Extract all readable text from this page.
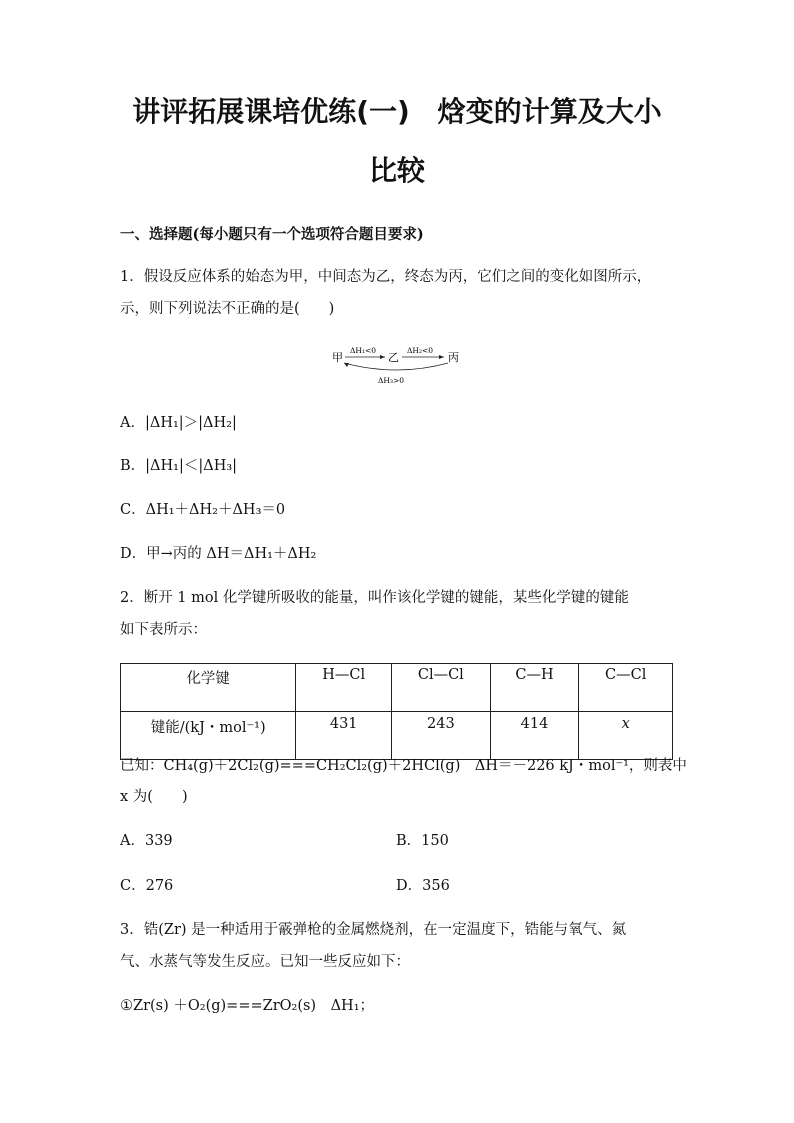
讲评拓展课培优练(一)　焓变的计算及大小
比较
一、选择题(每小题只有一个选项符合题目要求)
1．假设反应体系的始态为甲，中间态为乙，终态为丙，它们之间的变化如图所示，
示，则下列说法不正确的是(　　)
甲	乙	丙
ΔH₁<0	ΔH₂<0
ΔH₃>0
A．|ΔH₁|＞|ΔH₂|
B．|ΔH₁|＜|ΔH₃|
C．ΔH₁＋ΔH₂＋ΔH₃＝0
D．甲→丙的 ΔH＝ΔH₁＋ΔH₂
2．断开 1 mol 化学键所吸收的能量，叫作该化学键的键能，某些化学键的键能
如下表所示：
化学键	H—Cl	Cl—Cl	C—H	C—Cl
键能/(kJ・mol⁻¹)	431	243	414	x
已知：CH₄(g)＋2Cl₂(g)===CH₂Cl₂(g)＋2HCl(g)　ΔH＝－226 kJ・mol⁻¹，则表中
x 为(　　)
A．339	B．150
C．276	D．356
3．锆(Zr) 是一种适用于霰弹枪的金属燃烧剂，在一定温度下，锆能与氧气、氮
气、水蒸气等发生反应。已知一些反应如下：
①Zr(s) ＋O₂(g)===ZrO₂(s)　ΔH₁；
